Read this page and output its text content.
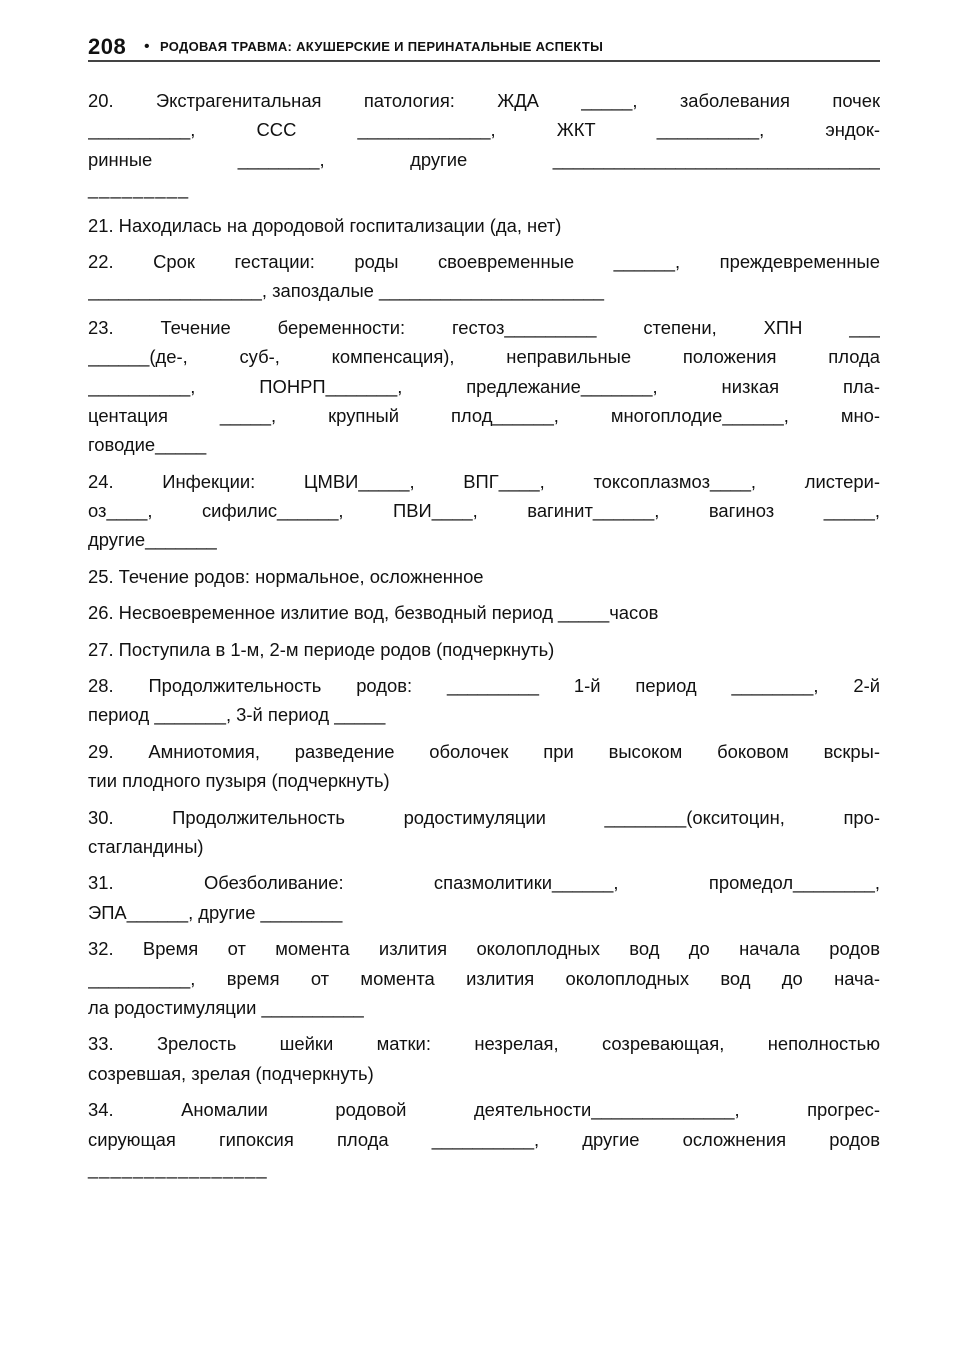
208 • РОДОВАЯ ТРАВМА: АКУШЕРСКИЕ И ПЕРИНАТАЛЬНЫЕ АСПЕКТЫ
20. Экстрагенитальная патология: ЖДА _____, заболевания почек
__________, ССС _____________, ЖКТ __________, эндок-
ринные ________, другие ________________________________
_________
21. Находилась на дородовой госпитализации (да, нет)
22. Срок гестации: роды своевременные ______, преждевременные
_________________, запоздалые ______________________
23. Течение беременности: гестоз_________ степени, ХПН ___
______(де-, суб-, компенсация), неправильные положения плода
__________, ПОНРП_______, предлежание_______, низкая пла-
центация _____, крупный плод______, многоплодие______, мно-
говодие_____
24. Инфекции: ЦМВИ_____, ВПГ____, токсоплазмоз____, листери-
оз____, сифилис______, ПВИ____, вагинит______, вагиноз _____,
другие_______
25. Течение родов: нормальное, осложненное
26. Несвоевременное излитие вод, безводный период _____часов
27. Поступила в 1-м, 2-м периоде родов (подчеркнуть)
28. Продолжительность родов: _________ 1-й период ________, 2-й
период _______, 3-й период _____
29. Амниотомия, разведение оболочек при высоком боковом вскры-
тии плодного пузыря (подчеркнуть)
30. Продолжительность родостимуляции ________(окситоцин, про-
стагландины)
31. Обезболивание: спазмолитики______, промедол________,
ЭПА______, другие ________
32. Время от момента излития околоплодных вод до начала родов
__________, время от момента излития околоплодных вод до нача-
ла родостимуляции __________
33. Зрелость шейки матки: незрелая, созревающая, неполностью
созревшая, зрелая (подчеркнуть)
34. Аномалии родовой деятельности______________, прогрес-
сирующая гипоксия плода __________, другие осложнения родов
________________
